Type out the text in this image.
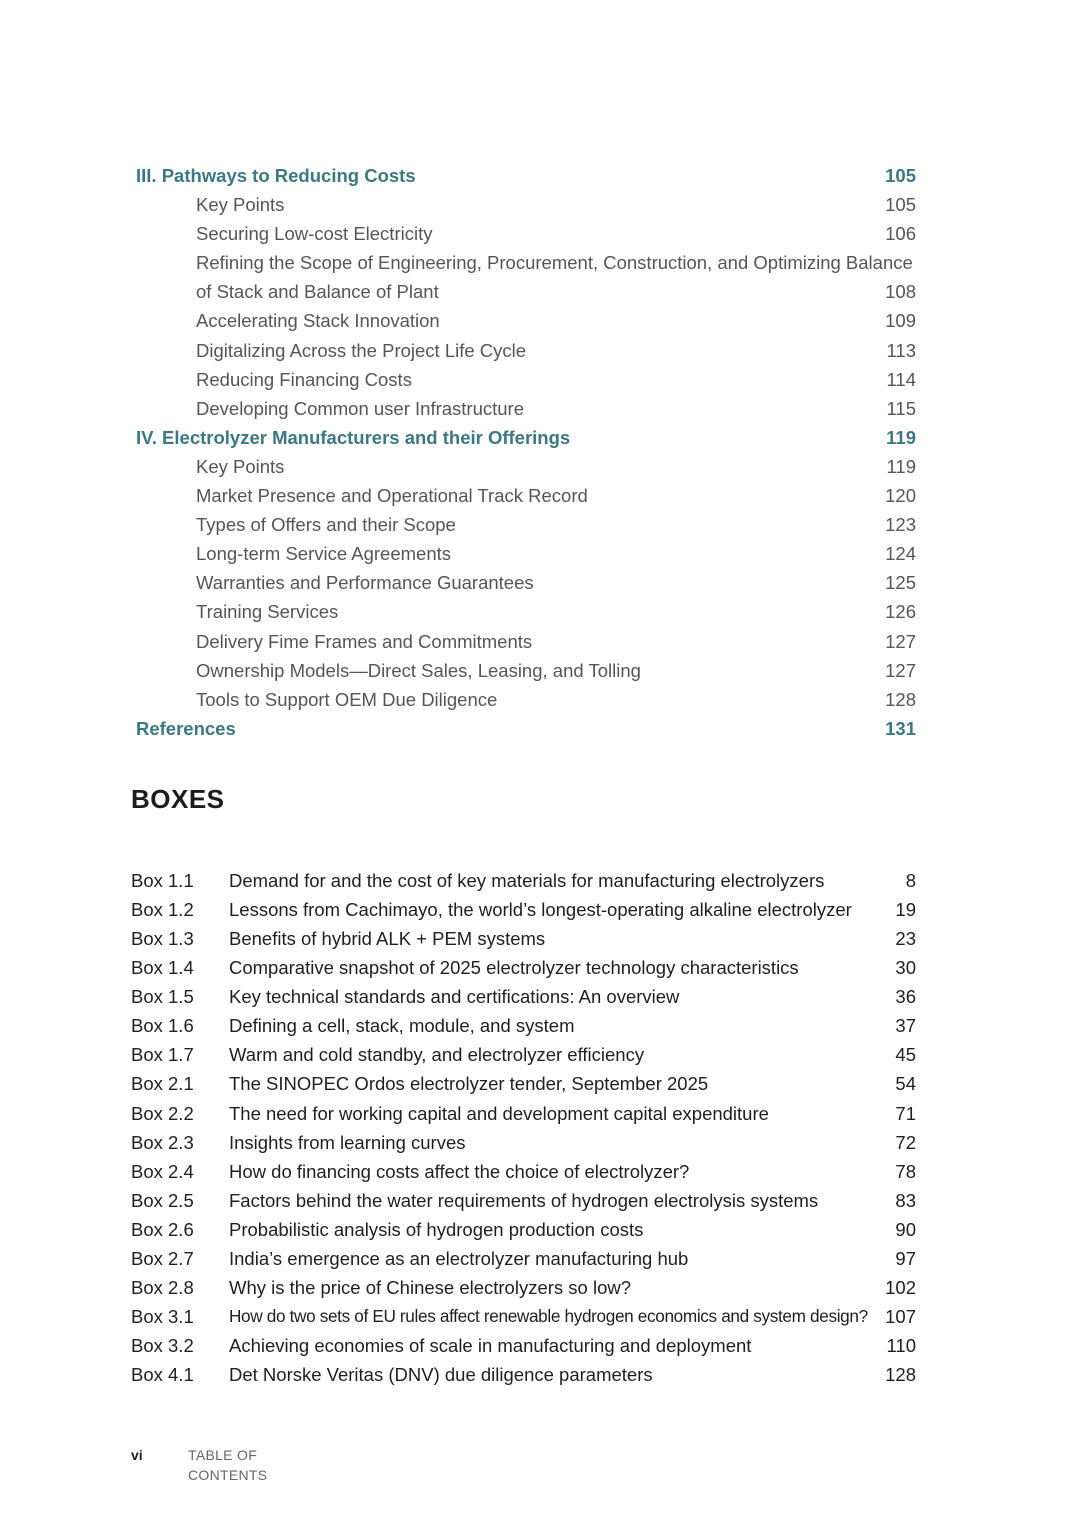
III. Pathways to Reducing Costs	105
Key Points	105
Securing Low-cost Electricity	106
Refining the Scope of Engineering, Procurement, Construction, and Optimizing Balance
of Stack and Balance of Plant	108
Accelerating Stack Innovation	109
Digitalizing Across the Project Life Cycle	113
Reducing Financing Costs	114
Developing Common user Infrastructure	115
IV. Electrolyzer Manufacturers and their Offerings	119
Key Points	119
Market Presence and Operational Track Record	120
Types of Offers and their Scope	123
Long-term Service Agreements	124
Warranties and Performance Guarantees	125
Training Services	126
Delivery Fime Frames and Commitments	127
Ownership Models—Direct Sales, Leasing, and Tolling	127
Tools to Support OEM Due Diligence	128
References	131
BOXES
Box 1.1 Demand for and the cost of key materials for manufacturing electrolyzers	8
Box 1.2 Lessons from Cachimayo, the world’s longest-operating alkaline electrolyzer 19
Box 1.3 Benefits of hybrid ALK + PEM systems	23
Box 1.4 Comparative snapshot of 2025 electrolyzer technology characteristics	30
Box 1.5 Key technical standards and certifications: An overview	36
Box 1.6 Defining a cell, stack, module, and system	37
Box 1.7 Warm and cold standby, and electrolyzer efficiency	45
Box 2.1 The SINOPEC Ordos electrolyzer tender, September 2025	54
Box 2.2 The need for working capital and development capital expenditure	71
Box 2.3 Insights from learning curves	72
Box 2.4 How do financing costs affect the choice of electrolyzer?	78
Box 2.5 Factors behind the water requirements of hydrogen electrolysis systems	83
Box 2.6 Probabilistic analysis of hydrogen production costs	90
Box 2.7 India’s emergence as an electrolyzer manufacturing hub	97
Box 2.8 Why is the price of Chinese electrolyzers so low?	102
Box 3.1 How do two sets of EU rules affect renewable hydrogen economics and system design? 107
Box 3.2 Achieving economies of scale in manufacturing and deployment	110
Box 4.1 Det Norske Veritas (DNV) due diligence parameters	128
vi	TABLE OF CONTENTS
